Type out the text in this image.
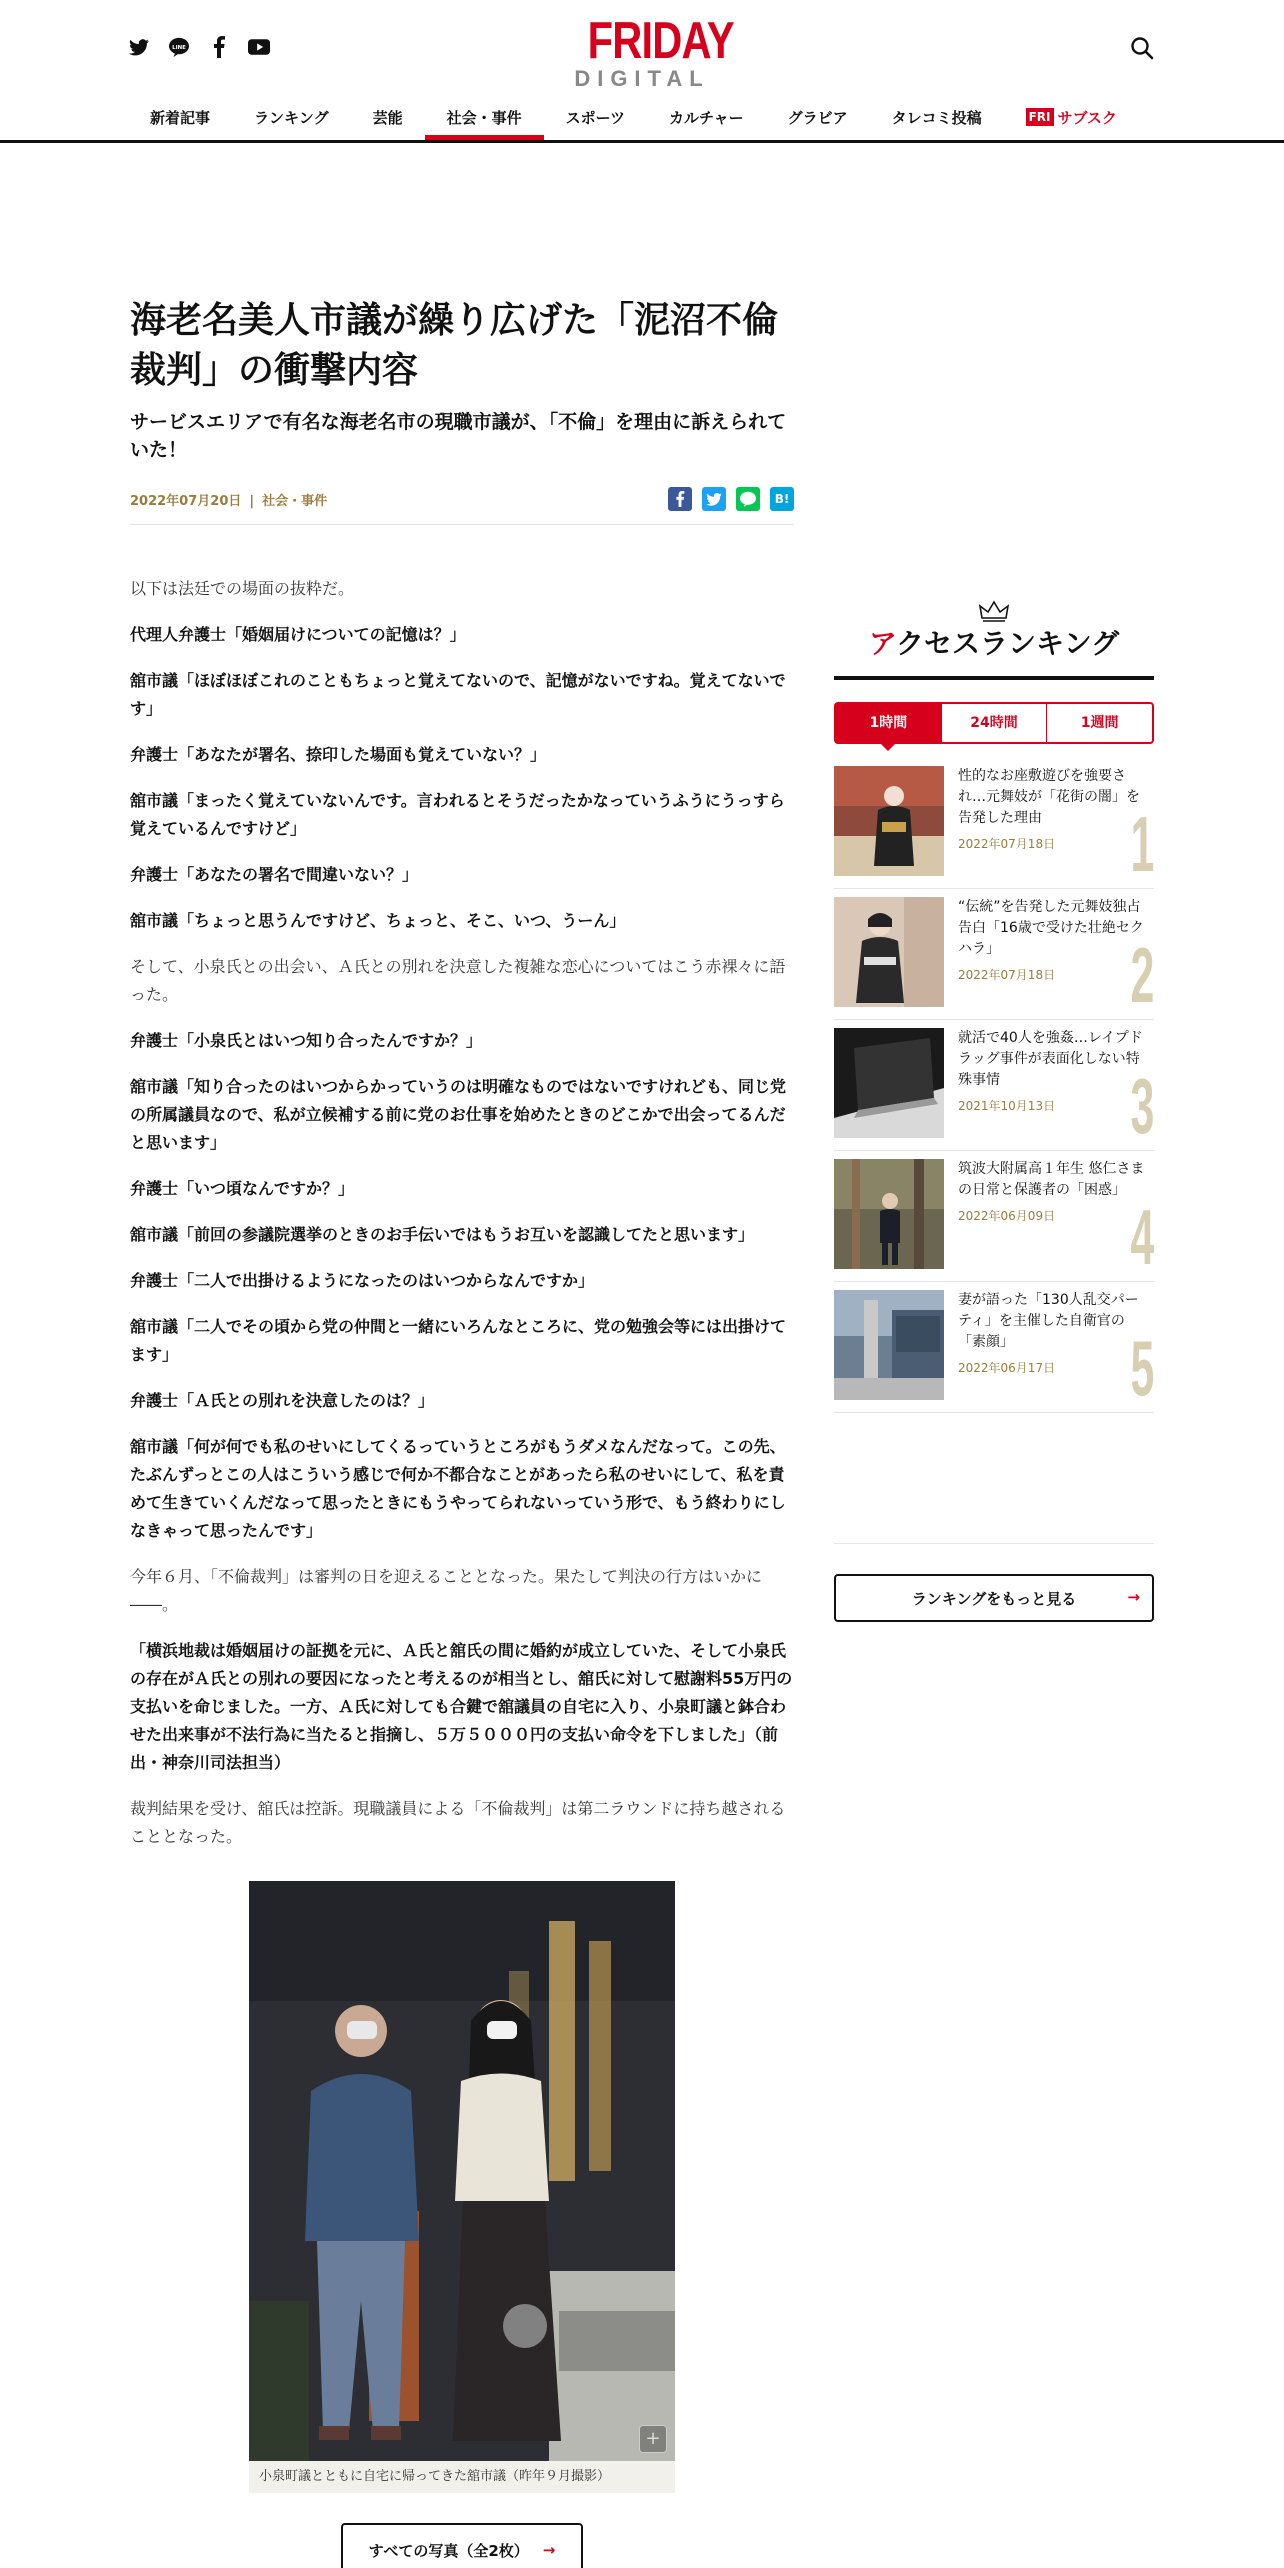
LINE	FRIDAY
DIGITAL
新着記事	ランキング	芸能	社会・事件	スポーツ	カルチャー	グラビア	タレコミ投稿	FRI サブスク
海老名美人市議が繰り広げた「泥沼不倫裁判」の衝撃内容
サービスエリアで有名な海老名市の現職市議が、「不倫」を理由に訴えられていた！
2022年07月20日 | 社会・事件	B!

以下は法廷での場面の抜粋だ。

代理人弁護士「婚姻届けについての記憶は？」

舘市議「ほぼほぼこれのこともちょっと覚えてないので、記憶がないですね。覚えてないです」

弁護士「あなたが署名、捺印した場面も覚えていない？」

舘市議「まったく覚えていないんです。言われるとそうだったかなっていうふうにうっすら覚えているんですけど」

弁護士「あなたの署名で間違いない？」

舘市議「ちょっと思うんですけど、ちょっと、そこ、いつ、うーん」

そして、小泉氏との出会い、Ａ氏との別れを決意した複雑な恋心についてはこう赤裸々に語った。

弁護士「小泉氏とはいつ知り合ったんですか？」

舘市議「知り合ったのはいつからかっていうのは明確なものではないですけれども、同じ党の所属議員なので、私が立候補する前に党のお仕事を始めたときのどこかで出会ってるんだと思います」

弁護士「いつ頃なんですか？」

舘市議「前回の参議院選挙のときのお手伝いではもうお互いを認識してたと思います」

弁護士「二人で出掛けるようになったのはいつからなんですか」

舘市議「二人でその頃から党の仲間と一緒にいろんなところに、党の勉強会等には出掛けてます」

弁護士「Ａ氏との別れを決意したのは？」

舘市議「何が何でも私のせいにしてくるっていうところがもうダメなんだなって。この先、たぶんずっとこの人はこういう感じで何か不都合なことがあったら私のせいにして、私を責めて生きていくんだなって思ったときにもうやってられないっていう形で、もう終わりにしなきゃって思ったんです」

今年６月、「不倫裁判」は審判の日を迎えることとなった。果たして判決の行方はいかに――。

「横浜地裁は婚姻届けの証拠を元に、Ａ氏と舘氏の間に婚約が成立していた、そして小泉氏の存在がＡ氏との別れの要因になったと考えるのが相当とし、舘氏に対して慰謝料55万円の支払いを命じました。一方、Ａ氏に対しても合鍵で舘議員の自宅に入り、小泉町議と鉢合わせた出来事が不法行為に当たると指摘し、５万５０００円の支払い命令を下しました」（前出・神奈川司法担当）

裁判結果を受け、舘氏は控訴。現職議員による「不倫裁判」は第二ラウンドに持ち越されることとなった。

+
小泉町議とともに自宅に帰ってきた舘市議（昨年９月撮影）
すべての写真（全2枚） →
アクセスランキング
1時間	24時間	1週間
性的なお座敷遊びを強要され…元舞妓が「花街の闇」を告発した理由
2022年07月18日 1
“伝統”を告発した元舞妓独占告白「16歳で受けた壮絶セクハラ」
2022年07月18日 2
就活で40人を強姦…レイプドラッグ事件が表面化しない特殊事情
2021年10月13日 3
筑波大附属高１年生 悠仁さまの日常と保護者の「困惑」
2022年06月09日 4
妻が語った「130人乱交パーティ」を主催した自衛官の「素顔」
2022年06月17日 5
ランキングをもっと見る	→
